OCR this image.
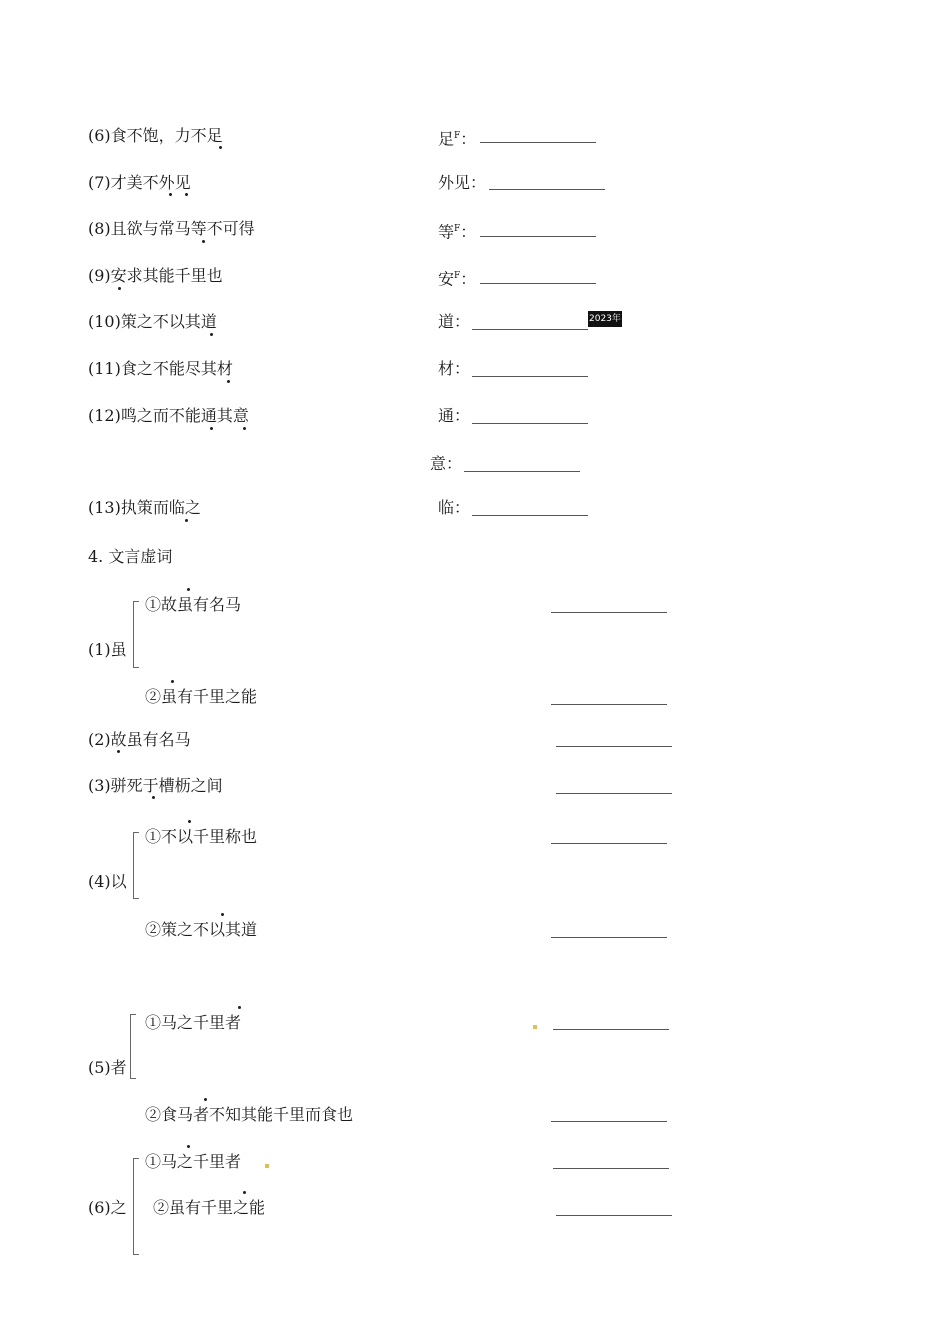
(6)食不饱，力不足	足$^F$：
(7)才美不外见	外见：
(8)且欲与常马等不可得	等$^F$：
(9)安求其能千里也	安$^F$：
(10)策之不以其道	道：	2023年
(11)食之不能尽其材	材：
(12)鸣之而不能通其意	通：
意：
(13)执策而临之	临：
4. 文言虚词
(1)虽
①故虽有名马
②虽有千里之能
(2)故虽有名马
(3)骈死于槽枥之间
(4)以
①不以千里称也
②策之不以其道
(5)者
①马之千里者
②食马者不知其能千里而食也
(6)之
①马之千里者
②虽有千里之能
